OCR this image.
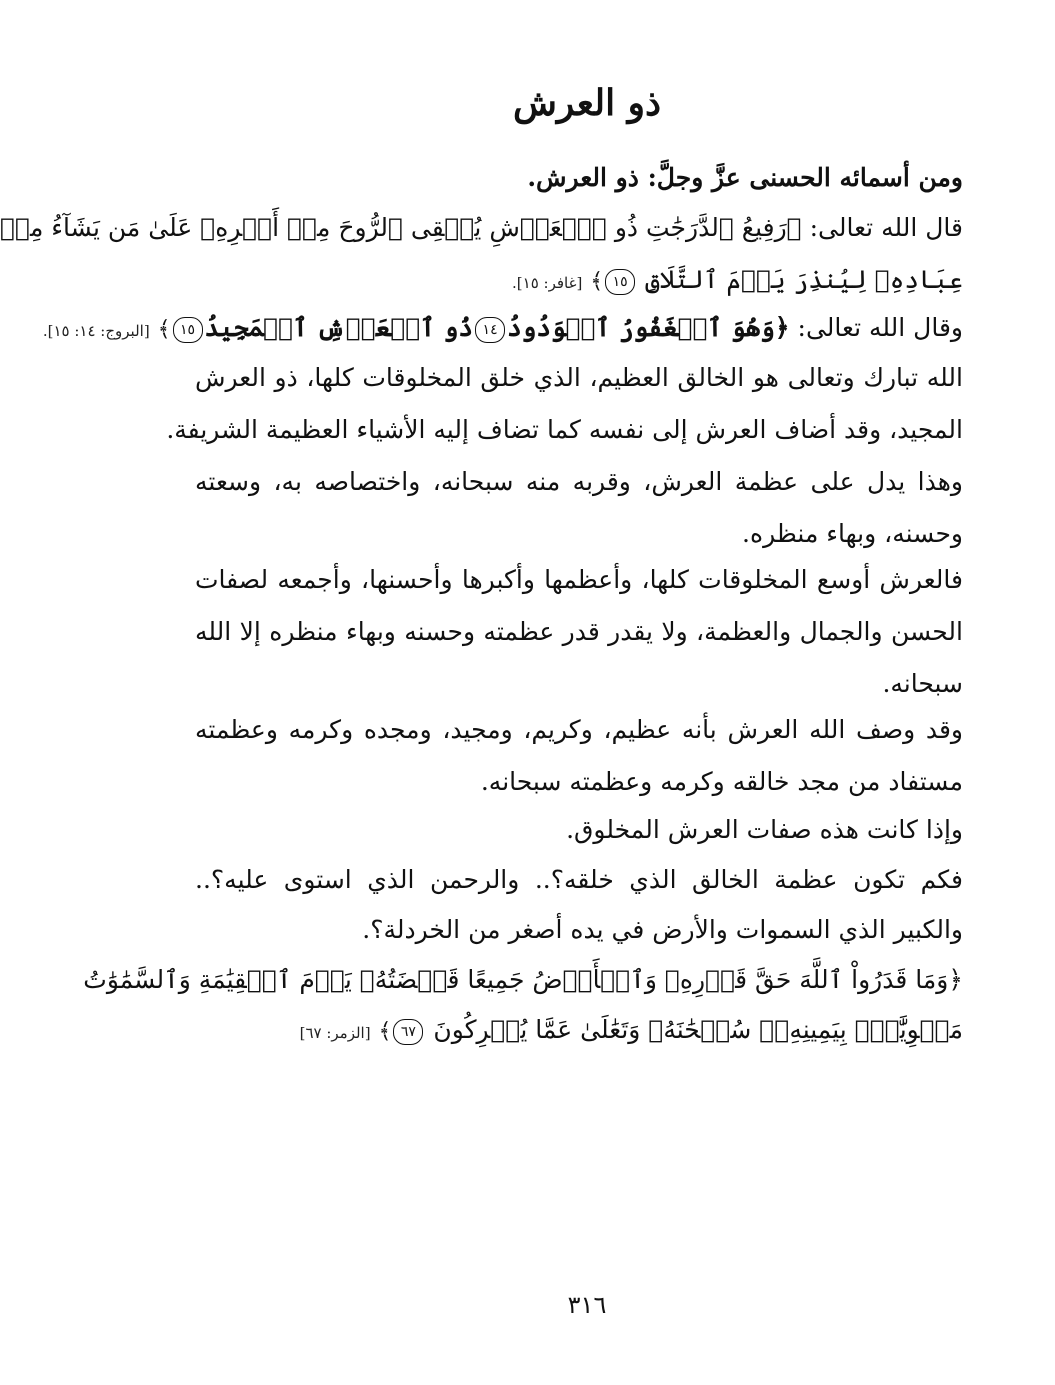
ذو العرش
ومن أسمائه الحسنى عزَّ وجلَّ: ذو العرش.
قال الله تعالى: ﴿رَفِيعُ ٱلدَّرَجَٰتِ ذُو ٱلۡعَرۡشِ يُلۡقِى ٱلرُّوحَ مِنۡ أَمۡرِهِۦ عَلَىٰ مَن يَشَآءُ مِنۡ
عِبَادِهِۦ لِيُنذِرَ يَوۡمَ ٱلتَّلَاقِ ١٥﴾ [غافر: ١٥].
وقال الله تعالى: ﴿وَهُوَ ٱلۡغَفُورُ ٱلۡوَدُودُ١٤ذُو ٱلۡعَرۡشِ ٱلۡمَجِيدُ١٥﴾ [البروج: ١٤: ١٥].
الله تبارك وتعالى هو الخالق العظيم، الذي خلق المخلوقات كلها، ذو العرش
المجيد، وقد أضاف العرش إلى نفسه كما تضاف إليه الأشياء العظيمة الشريفة.
وهذا يدل على عظمة العرش، وقربه منه سبحانه، واختصاصه به، وسعته
وحسنه، وبهاء منظره.
فالعرش أوسع المخلوقات كلها، وأعظمها وأكبرها وأحسنها، وأجمعه لصفات
الحسن والجمال والعظمة، ولا يقدر قدر عظمته وحسنه وبهاء منظره إلا الله
سبحانه.
وقد وصف الله العرش بأنه عظيم، وكريم، ومجيد، ومجده وكرمه وعظمته
مستفاد من مجد خالقه وكرمه وعظمته سبحانه.
وإذا كانت هذه صفات العرش المخلوق.
فكم تكون عظمة الخالق الذي خلقه؟.. والرحمن الذي استوى عليه؟..
والكبير الذي السموات والأرض في يده أصغر من الخردلة؟.
﴿وَمَا قَدَرُواْ ٱللَّهَ حَقَّ قَدۡرِهِۦ وَٱلۡأَرۡضُ جَمِيعًا قَبۡضَتُهُۥ يَوۡمَ ٱلۡقِيَٰمَةِ وَٱلسَّمَٰوَٰتُ
مَطۡوِيَّٰتُۢ بِيَمِينِهِۦۚ سُبۡحَٰنَهُۥ وَتَعَٰلَىٰ عَمَّا يُشۡرِكُونَ ٦٧﴾ [الزمر: ٦٧]
٣١٦
